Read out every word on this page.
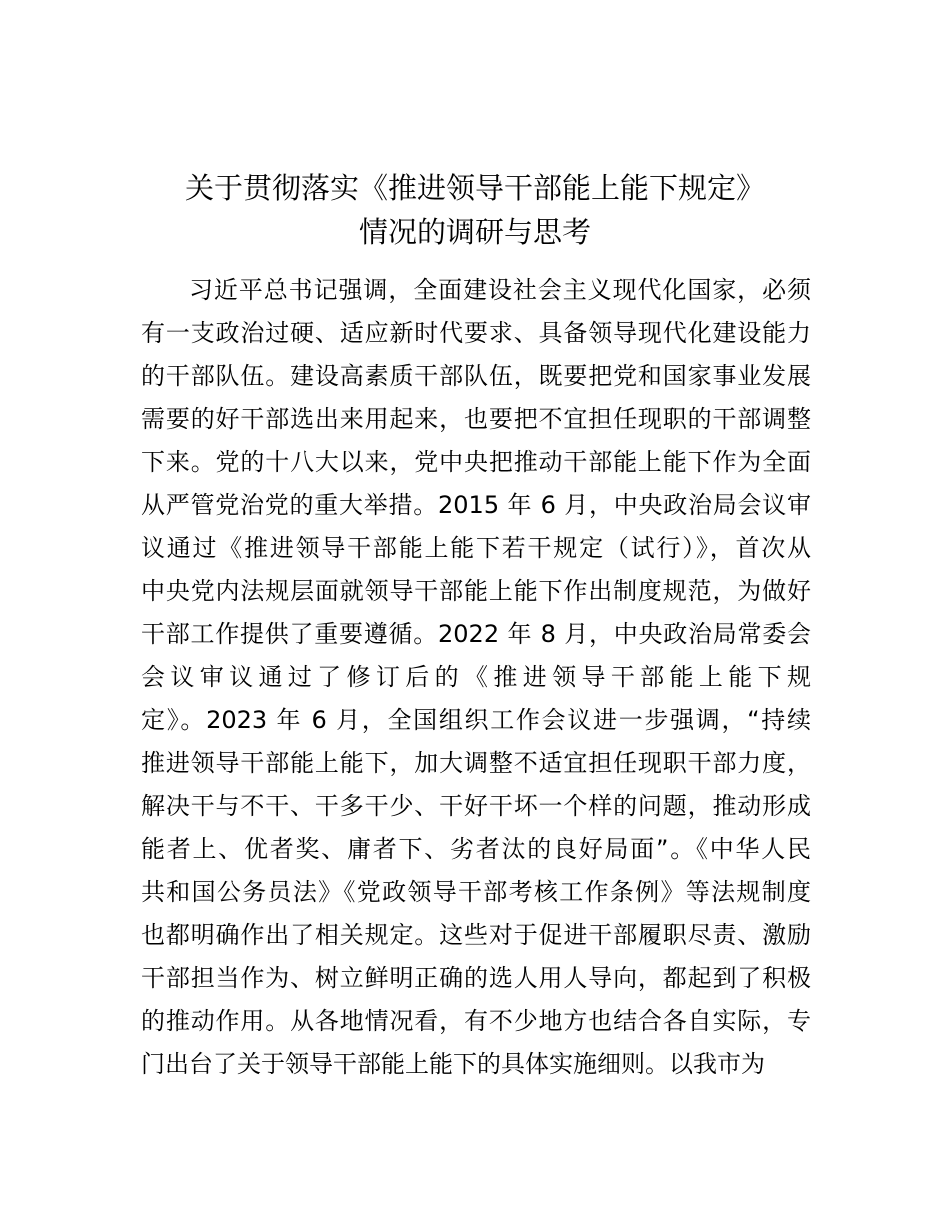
关于贯彻落实《推进领导干部能上能下规定》
情况的调研与思考
习近平总书记强调，全面建设社会主义现代化国家，必须
有一支政治过硬、适应新时代要求、具备领导现代化建设能力
的干部队伍。建设高素质干部队伍，既要把党和国家事业发展
需要的好干部选出来用起来，也要把不宜担任现职的干部调整
下来。党的十八大以来，党中央把推动干部能上能下作为全面
从严管党治党的重大举措。2015 年 6 月，中央政治局会议审
议通过《推进领导干部能上能下若干规定（试行）》，首次从
中央党内法规层面就领导干部能上能下作出制度规范，为做好
干部工作提供了重要遵循。2022 年 8 月，中央政治局常委会
会议审议通过了修订后的《推进领导干部能上能下规
定》。2023 年 6 月，全国组织工作会议进一步强调，“持续
推进领导干部能上能下，加大调整不适宜担任现职干部力度，
解决干与不干、干多干少、干好干坏一个样的问题，推动形成
能者上、优者奖、庸者下、劣者汰的良好局面”。《中华人民
共和国公务员法》《党政领导干部考核工作条例》等法规制度
也都明确作出了相关规定。这些对于促进干部履职尽责、激励
干部担当作为、树立鲜明正确的选人用人导向，都起到了积极
的推动作用。从各地情况看，有不少地方也结合各自实际，专
门出台了关于领导干部能上能下的具体实施细则。以我市为
